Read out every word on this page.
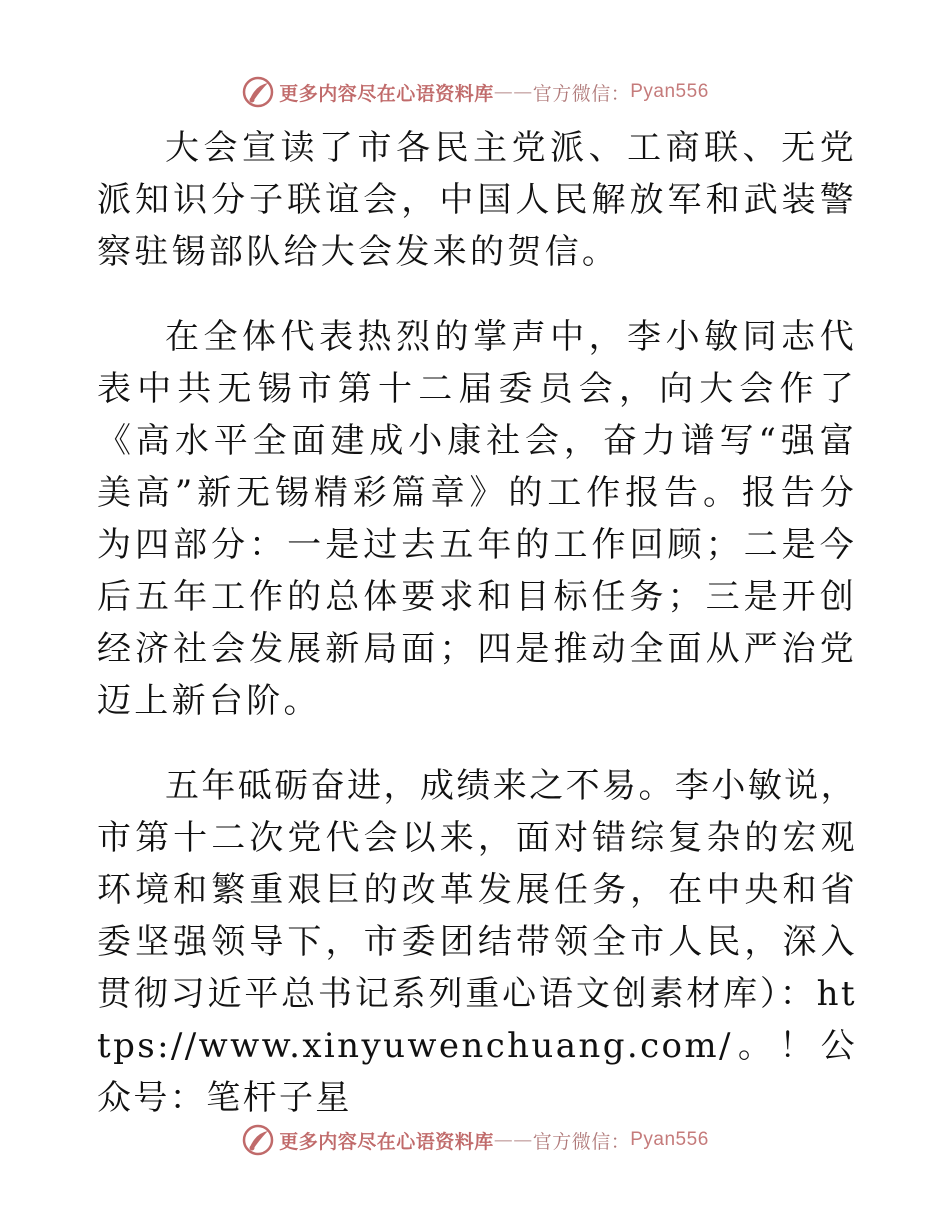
更多内容尽在心语资料库 —— 官方微信： Pyan556

大会宣读了市各民主党派、工商联、无党派知识分子联谊会，中国人民解放军和武装警察驻锡部队给大会发来的贺信。

在全体代表热烈的掌声中，李小敏同志代表中共无锡市第十二届委员会，向大会作了《高水平全面建成小康社会，奋力谱写“强富美高”新无锡精彩篇章》的工作报告。报告分为四部分：一是过去五年的工作回顾；二是今后五年工作的总体要求和目标任务；三是开创经济社会发展新局面；四是推动全面从严治党迈上新台阶。

五年砥砺奋进，成绩来之不易。李小敏说，市第十二次党代会以来，面对错综复杂的宏观环境和繁重艰巨的改革发展任务，在中央和省委坚强领导下，市委团结带领全市人民，深入贯彻习近平总书记系列重心语文创素材库）：https://www.xinyuwenchuang.com/。！公众号：笔杆子星

更多内容尽在心语资料库 —— 官方微信： Pyan556
